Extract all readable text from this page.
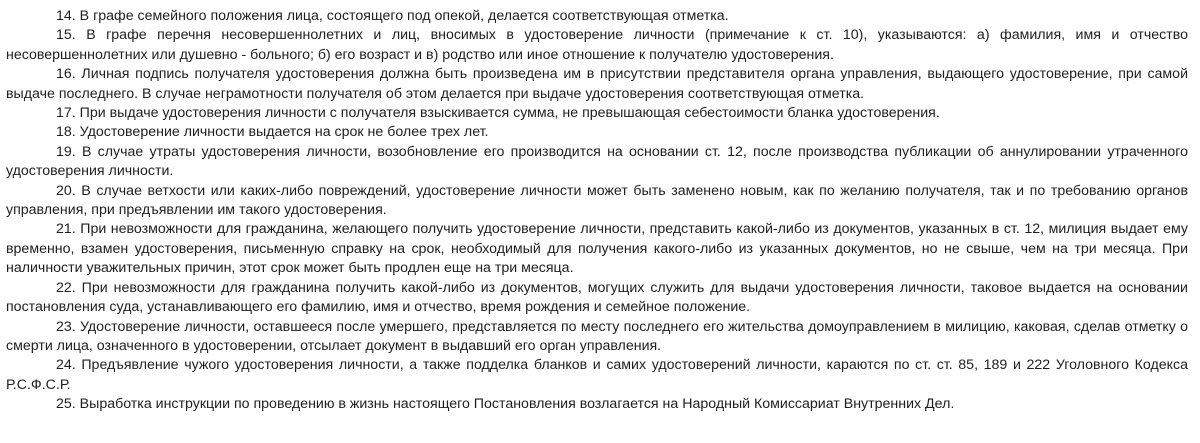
14. В графе семейного положения лица, состоящего под опекой, делается соответствующая отметка.

15. В графе перечня несовершеннолетних и лиц, вносимых в удостоверение личности (примечание к ст. 10), указываются: а) фамилия, имя и отчество несовершеннолетних или душевно - больного; б) его возраст и в) родство или иное отношение к получателю удостоверения.

16. Личная подпись получателя удостоверения должна быть произведена им в присутствии представителя органа управления, выдающего удостоверение, при самой выдаче последнего. В случае неграмотности получателя об этом делается при выдаче удостоверения соответствующая отметка.

17. При выдаче удостоверения личности с получателя взыскивается сумма, не превышающая себестоимости бланка удостоверения.

18. Удостоверение личности выдается на срок не более трех лет.

19. В случае утраты удостоверения личности, возобновление его производится на основании ст. 12, после производства публикации об аннулировании утраченного удостоверения личности.

20. В случае ветхости или каких-либо повреждений, удостоверение личности может быть заменено новым, как по желанию получателя, так и по требованию органов управления, при предъявлении им такого удостоверения.

21. При невозможности для гражданина, желающего получить удостоверение личности, представить какой-либо из документов, указанных в ст. 12, милиция выдает ему временно, взамен удостоверения, письменную справку на срок, необходимый для получения какого-либо из указанных документов, но не свыше, чем на три месяца. При наличности уважительных причин, этот срок может быть продлен еще на три месяца.

22. При невозможности для гражданина получить какой-либо из документов, могущих служить для выдачи удостоверения личности, таковое выдается на основании постановления суда, устанавливающего его фамилию, имя и отчество, время рождения и семейное положение.

23. Удостоверение личности, оставшееся после умершего, представляется по месту последнего его жительства домоуправлением в милицию, каковая, сделав отметку о смерти лица, означенного в удостоверении, отсылает документ в выдавший его орган управления.

24. Предъявление чужого удостоверения личности, а также подделка бланков и самих удостоверений личности, караются по ст. ст. 85, 189 и 222 Уголовного Кодекса Р.С.Ф.С.Р.

25. Выработка инструкции по проведению в жизнь настоящего Постановления возлагается на Народный Комиссариат Внутренних Дел.
